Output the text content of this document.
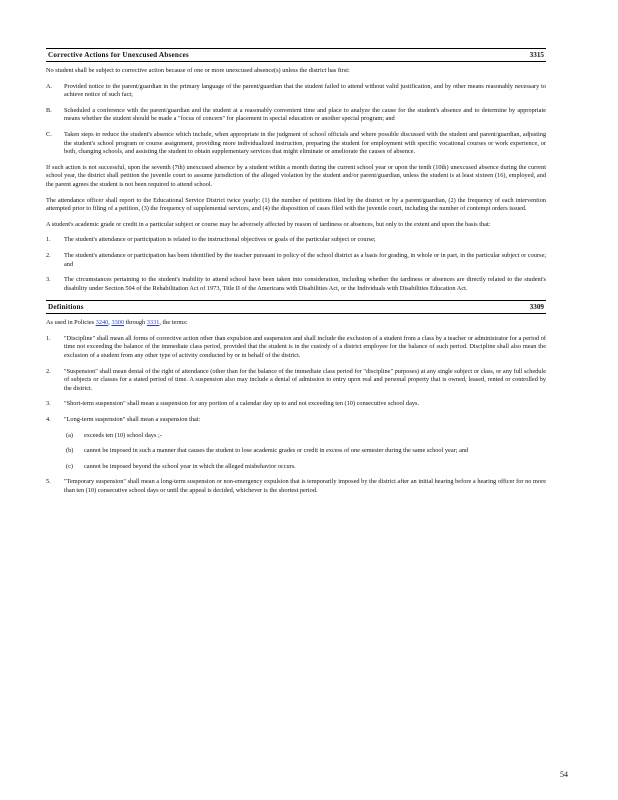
Corrective Actions for Unexcused Absences	3315

No student shall be subject to corrective action because of one or more unexcused absence(s) unless the district has first:

A.	Provided notice to the parent/guardian in the primary language of the parent/guardian that the student failed to attend without valid justification, and by other means reasonably necessary to achieve notice of such fact;
B.	Scheduled a conference with the parent/guardian and the student at a reasonably convenient time and place to analyze the cause for the student's absence and to determine by appropriate means whether the student should be made a "focus of concern" for placement in special education or another special program; and
C.	Taken steps to reduce the student's absence which include, when appropriate in the judgment of school officials and where possible discussed with the student and parent/guardian, adjusting the student's school program or course assignment, providing more individualized instruction, preparing the student for employment with specific vocational courses or work experience, or both, changing schools, and assisting the student to obtain supplementary services that might eliminate or ameliorate the causes of absence.

If such action is not successful, upon the seventh (7th) unexcused absence by a student within a month during the current school year or upon the tenth (10th) unexcused absence during the current school year, the district shall petition the juvenile court to assume jurisdiction of the alleged violation by the student and/or parent/guardian, unless the student is at least sixteen (16), employed, and the parent agrees the student is not been required to attend school.

The attendance officer shall report to the Educational Service District twice yearly: (1) the number of petitions filed by the district or by a parent/guardian, (2) the frequency of each intervention attempted prior to filing of a petition, (3) the frequency of supplemental services, and (4) the disposition of cases filed with the juvenile court, including the number of contempt orders issued.

A student's academic grade or credit in a particular subject or course may be adversely affected by reason of tardiness or absences, but only to the extent and upon the basis that:

1.	The student's attendance or participation is related to the instructional objectives or goals of the particular subject or course;
2.	The student's attendance or participation has been identified by the teacher pursuant to policy of the school district as a basis for grading, in whole or in part, in the particular subject or course; and
3.	The circumstances pertaining to the student's inability to attend school have been taken into consideration, including whether the tardiness or absences are directly related to the student's disability under Section 504 of the Rehabilitation Act of 1973, Title II of the Americans with Disabilities Act, or the Individuals with Disabilities Education Act.
Definitions	3309

As used in Policies 3240, 3300 through 3331, the terms:

1.	"Discipline" shall mean all forms of corrective action other than expulsion and suspension and shall include the exclusion of a student from a class by a teacher or administrator for a period of time not exceeding the balance of the immediate class period, provided that the student is in the custody of a district employee for the balance of such period. Discipline shall also mean the exclusion of a student from any other type of activity conducted by or in behalf of the district.
2.	"Suspension" shall mean denial of the right of attendance (other than for the balance of the immediate class period for "discipline" purposes) at any single subject or class, or any full schedule of subjects or classes for a stated period of time. A suspension also may include a denial of admission to entry upon real and personal property that is owned, leased, rented or controlled by the district.
3.	"Short-term suspension" shall mean a suspension for any portion of a calendar day up to and not exceeding ten (10) consecutive school days.
4.	"Long-term suspension" shall mean a suspension that:
(a)	exceeds ten (10) school days ;-
(b)	cannot be imposed in such a manner that causes the student to lose academic grades or credit in excess of one semester during the same school year; and
(c)	cannot be imposed beyond the school year in which the alleged misbehavior occurs.
5.	"Temporary suspension" shall mean a long-term suspension or non-emergency expulsion that is temporarily imposed by the district after an initial hearing before a hearing officer for no more than ten (10) consecutive school days or until the appeal is decided, whichever is the shortest period.
54
